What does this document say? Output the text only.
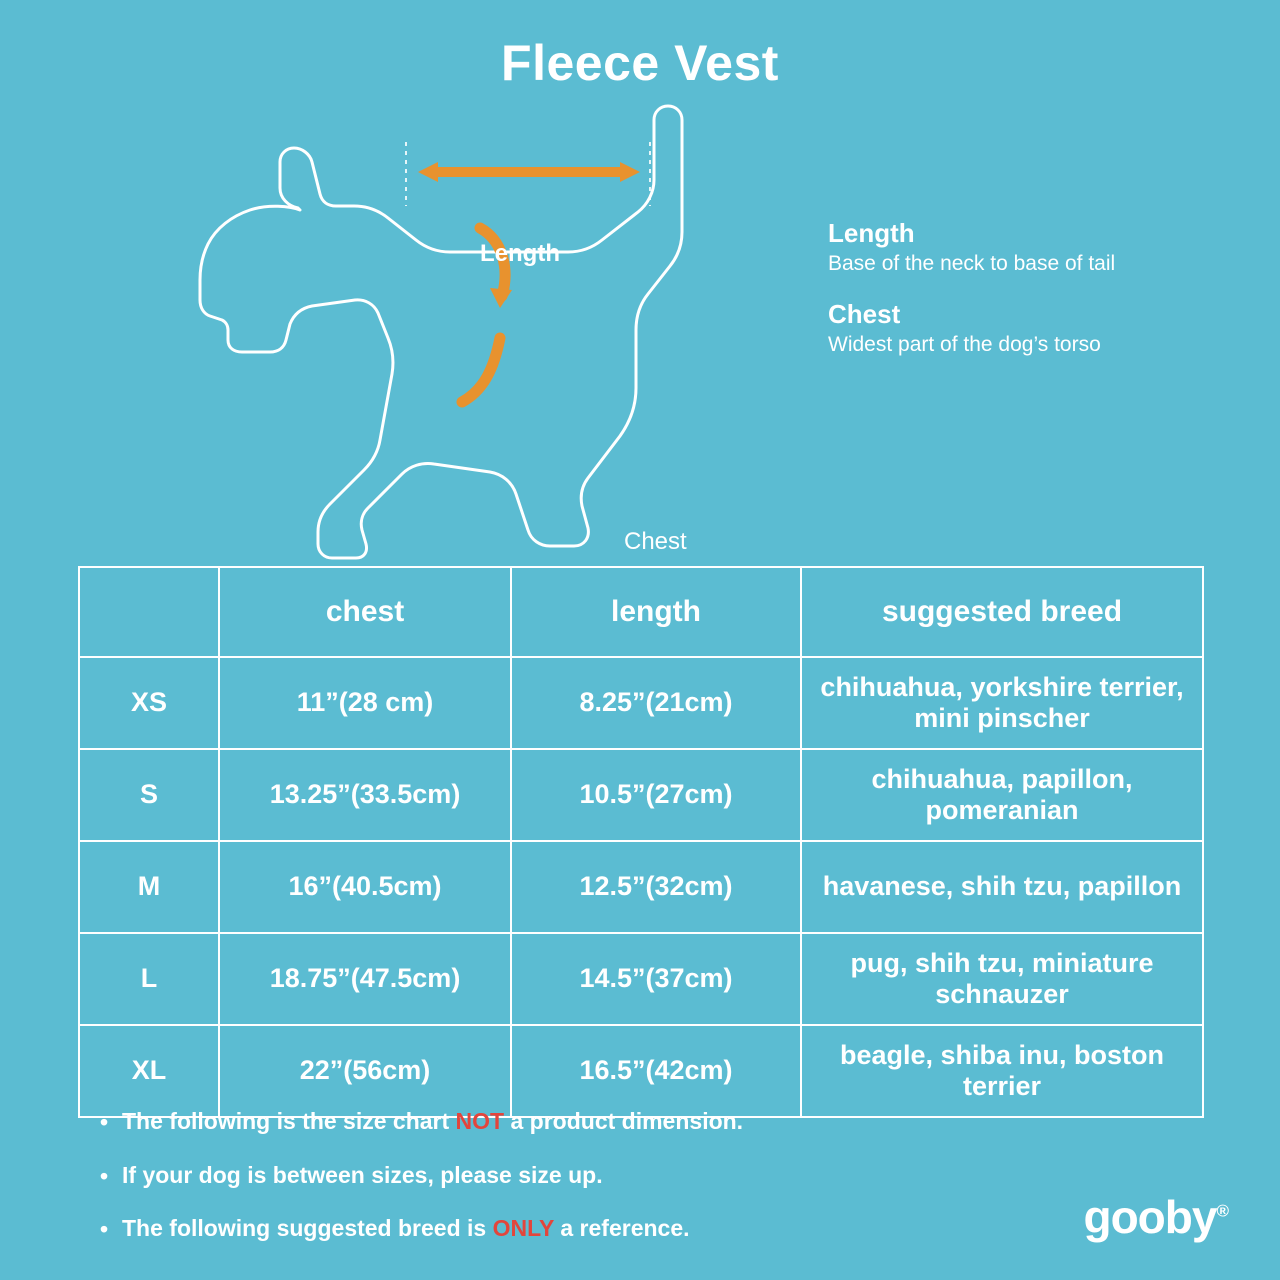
Fleece Vest
Length
Chest
Length
Base of the neck to base of tail
Chest
Widest part of the dog’s torso
	chest	length	suggested breed
XS	11”(28 cm)	8.25”(21cm)	chihuahua, yorkshire terrier, mini pinscher
S	13.25”(33.5cm)	10.5”(27cm)	chihuahua, papillon, pomeranian
M	16”(40.5cm)	12.5”(32cm)	havanese, shih tzu, papillon
L	18.75”(47.5cm)	14.5”(37cm)	pug, shih tzu, miniature schnauzer
XL	22”(56cm)	16.5”(42cm)	beagle, shiba inu, boston terrier
• The following is the size chart NOT a product dimension.
• If your dog is between sizes, please size up.
• The following suggested breed is ONLY a reference.	gooby®
